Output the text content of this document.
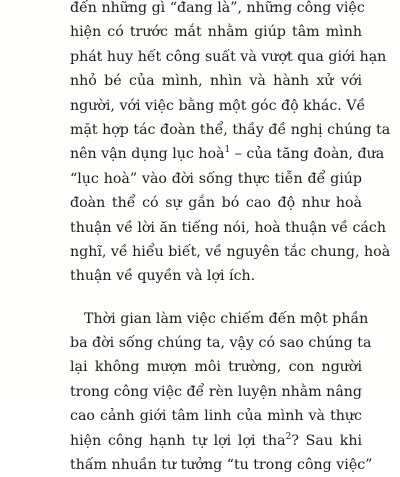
đến những gì “đang là”, những công việc
hiện có trước mắt nhằm giúp tâm mình
phát huy hết công suất và vượt qua giới hạn
nhỏ bé của mình, nhìn và hành xử với
người, với việc bằng một góc độ khác. Về
mặt hợp tác đoàn thể, thầy đề nghị chúng ta
nên vận dụng lục hoà$^1$ – của tăng đoàn, đưa
“lục hoà” vào đời sống thực tiễn để giúp
đoàn thể có sự gắn bó cao độ như hoà
thuận về lời ăn tiếng nói, hoà thuận về cách
nghĩ, về hiểu biết, về nguyên tắc chung, hoà
thuận về quyền và lợi ích.
Thời gian làm việc chiếm đến một phần
ba đời sống chúng ta, vậy có sao chúng ta
lại không mượn môi trường, con người
trong công việc để rèn luyện nhằm nâng
cao cảnh giới tâm linh của mình và thực
hiện công hạnh tự lợi lợi tha$^2$? Sau khi
thấm nhuần tư tưởng “tu trong công việc”
